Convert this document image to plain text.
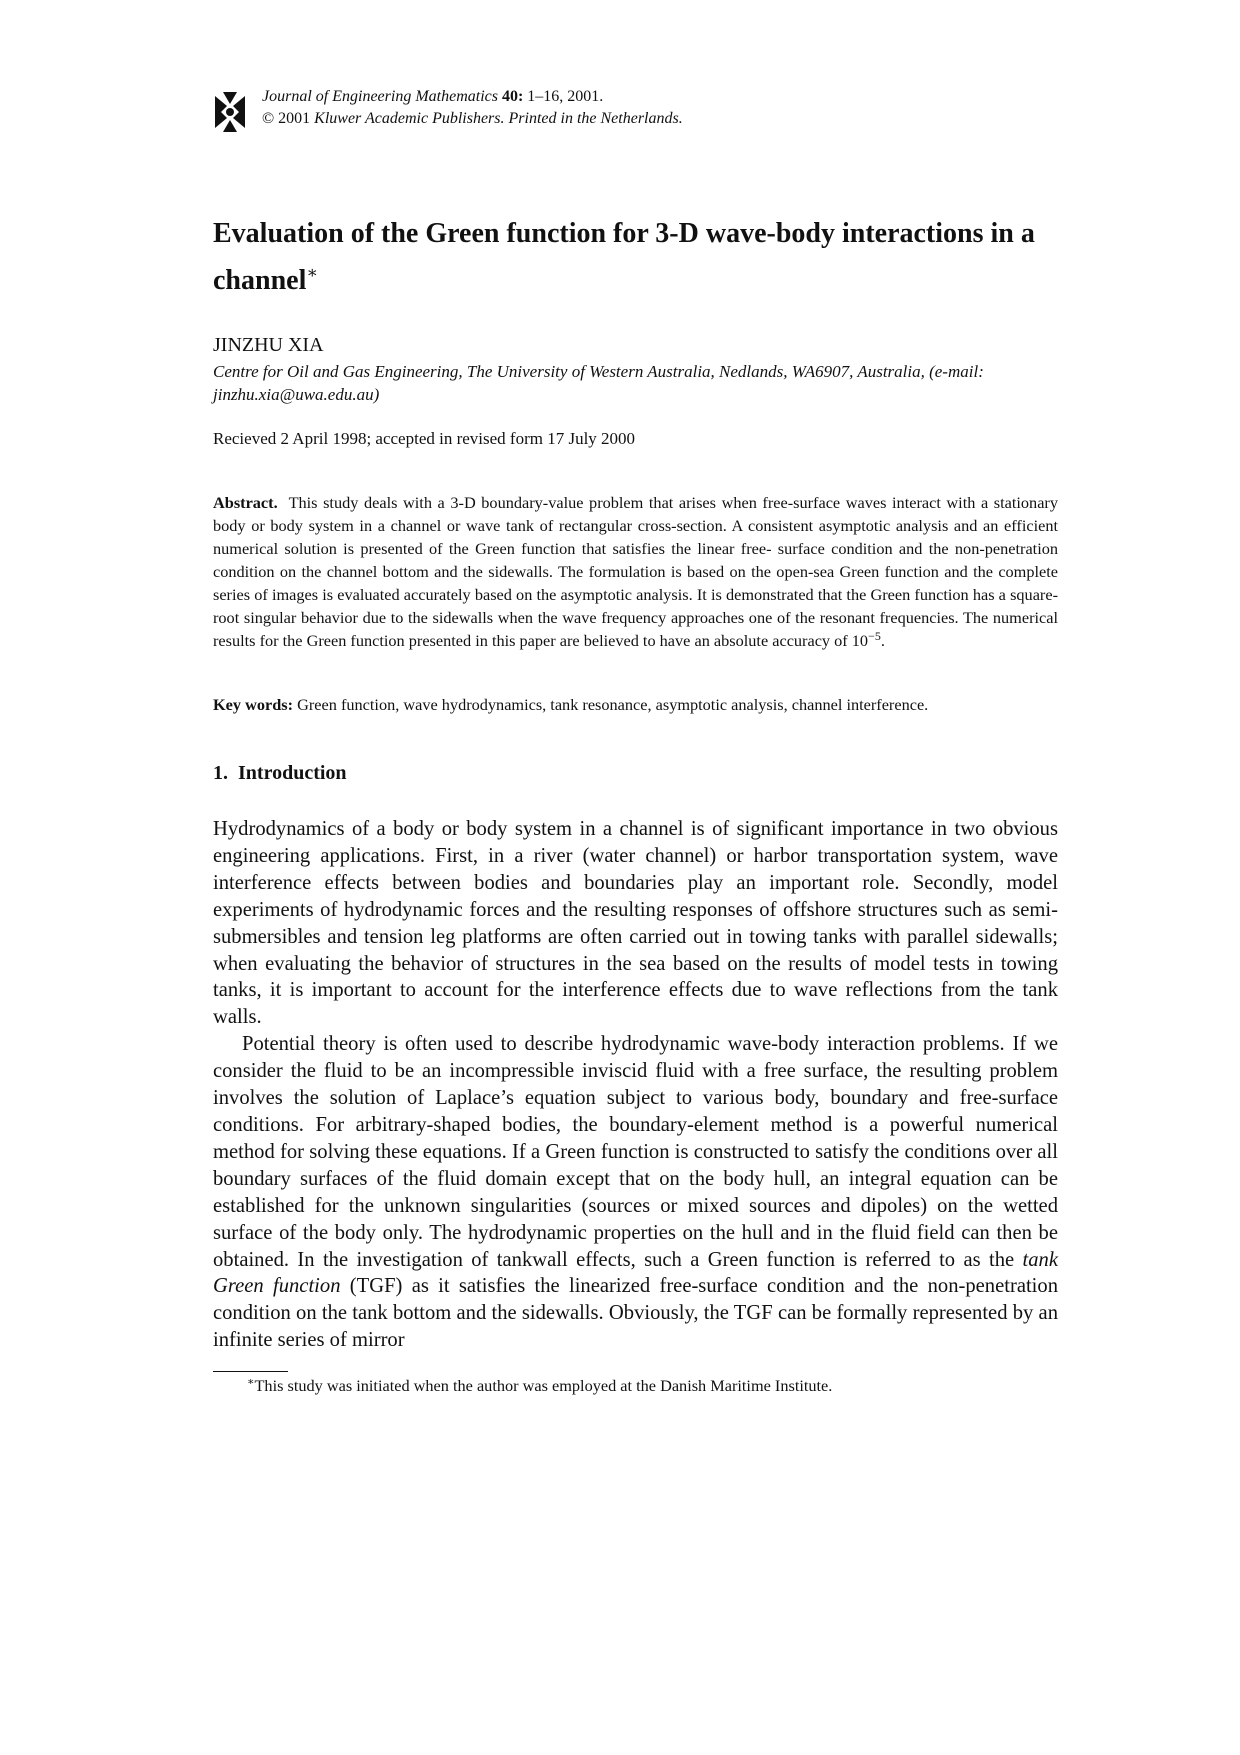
Journal of Engineering Mathematics 40: 1–16, 2001.
© 2001 Kluwer Academic Publishers. Printed in the Netherlands.
Evaluation of the Green function for 3-D wave-body interactions in a channel∗
JINZHU XIA
Centre for Oil and Gas Engineering, The University of Western Australia, Nedlands, WA6907, Australia, (e-mail: jinzhu.xia@uwa.edu.au)
Recieved 2 April 1998; accepted in revised form 17 July 2000
Abstract. This study deals with a 3-D boundary-value problem that arises when free-surface waves interact with a stationary body or body system in a channel or wave tank of rectangular cross-section. A consistent asymptotic analysis and an efficient numerical solution is presented of the Green function that satisfies the linear free- surface condition and the non-penetration condition on the channel bottom and the sidewalls. The formulation is based on the open-sea Green function and the complete series of images is evaluated accurately based on the asymptotic analysis. It is demonstrated that the Green function has a square-root singular behavior due to the sidewalls when the wave frequency approaches one of the resonant frequencies. The numerical results for the Green function presented in this paper are believed to have an absolute accuracy of $10^{-5}$.
Key words: Green function, wave hydrodynamics, tank resonance, asymptotic analysis, channel interference.
1. Introduction

Hydrodynamics of a body or body system in a channel is of significant importance in two obvious engineering applications. First, in a river (water channel) or harbor transportation system, wave interference effects between bodies and boundaries play an important role. Secondly, model experiments of hydrodynamic forces and the resulting responses of offshore structures such as semi-submersibles and tension leg platforms are often carried out in towing tanks with parallel sidewalls; when evaluating the behavior of structures in the sea based on the results of model tests in towing tanks, it is important to account for the interference effects due to wave reflections from the tank walls.

Potential theory is often used to describe hydrodynamic wave-body interaction problems. If we consider the fluid to be an incompressible inviscid fluid with a free surface, the resulting problem involves the solution of Laplace’s equation subject to various body, boundary and free-surface conditions. For arbitrary-shaped bodies, the boundary-element method is a powerful numerical method for solving these equations. If a Green function is constructed to satisfy the conditions over all boundary surfaces of the fluid domain except that on the body hull, an integral equation can be established for the unknown singularities (sources or mixed sources and dipoles) on the wetted surface of the body only. The hydrodynamic properties on the hull and in the fluid field can then be obtained. In the investigation of tankwall effects, such a Green function is referred to as the tank Green function (TGF) as it satisfies the linearized free-surface condition and the non-penetration condition on the tank bottom and the sidewalls. Obviously, the TGF can be formally represented by an infinite series of mirror

∗This study was initiated when the author was employed at the Danish Maritime Institute.
